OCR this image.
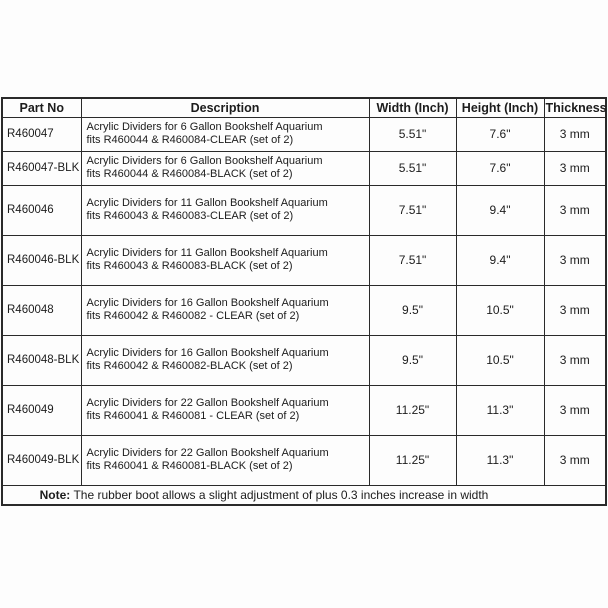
Part No	Description	Width (Inch)	Height (Inch)	Thickness
R460047	Acrylic Dividers for 6 Gallon Bookshelf Aquarium
fits R460044 & R460084-CLEAR (set of 2)	5.51"	7.6"	3 mm
R460047-BLK	Acrylic Dividers for 6 Gallon Bookshelf Aquarium
fits R460044 & R460084-BLACK (set of 2)	5.51"	7.6"	3 mm
R460046	Acrylic Dividers for 11 Gallon Bookshelf Aquarium
fits R460043 & R460083-CLEAR (set of 2)	7.51"	9.4"	3 mm
R460046-BLK	Acrylic Dividers for 11 Gallon Bookshelf Aquarium
fits R460043 & R460083-BLACK (set of 2)	7.51"	9.4"	3 mm
R460048	Acrylic Dividers for 16 Gallon Bookshelf Aquarium
fits R460042 & R460082 - CLEAR (set of 2)	9.5"	10.5"	3 mm
R460048-BLK	Acrylic Dividers for 16 Gallon Bookshelf Aquarium
fits R460042 & R460082-BLACK (set of 2)	9.5"	10.5"	3 mm
R460049	Acrylic Dividers for 22 Gallon Bookshelf Aquarium
fits R460041 & R460081 - CLEAR (set of 2)	11.25"	11.3"	3 mm
R460049-BLK	Acrylic Dividers for 22 Gallon Bookshelf Aquarium
fits R460041 & R460081-BLACK (set of 2)	11.25"	11.3"	3 mm
Note: The rubber boot allows a slight adjustment of plus 0.3 inches increase in width				
